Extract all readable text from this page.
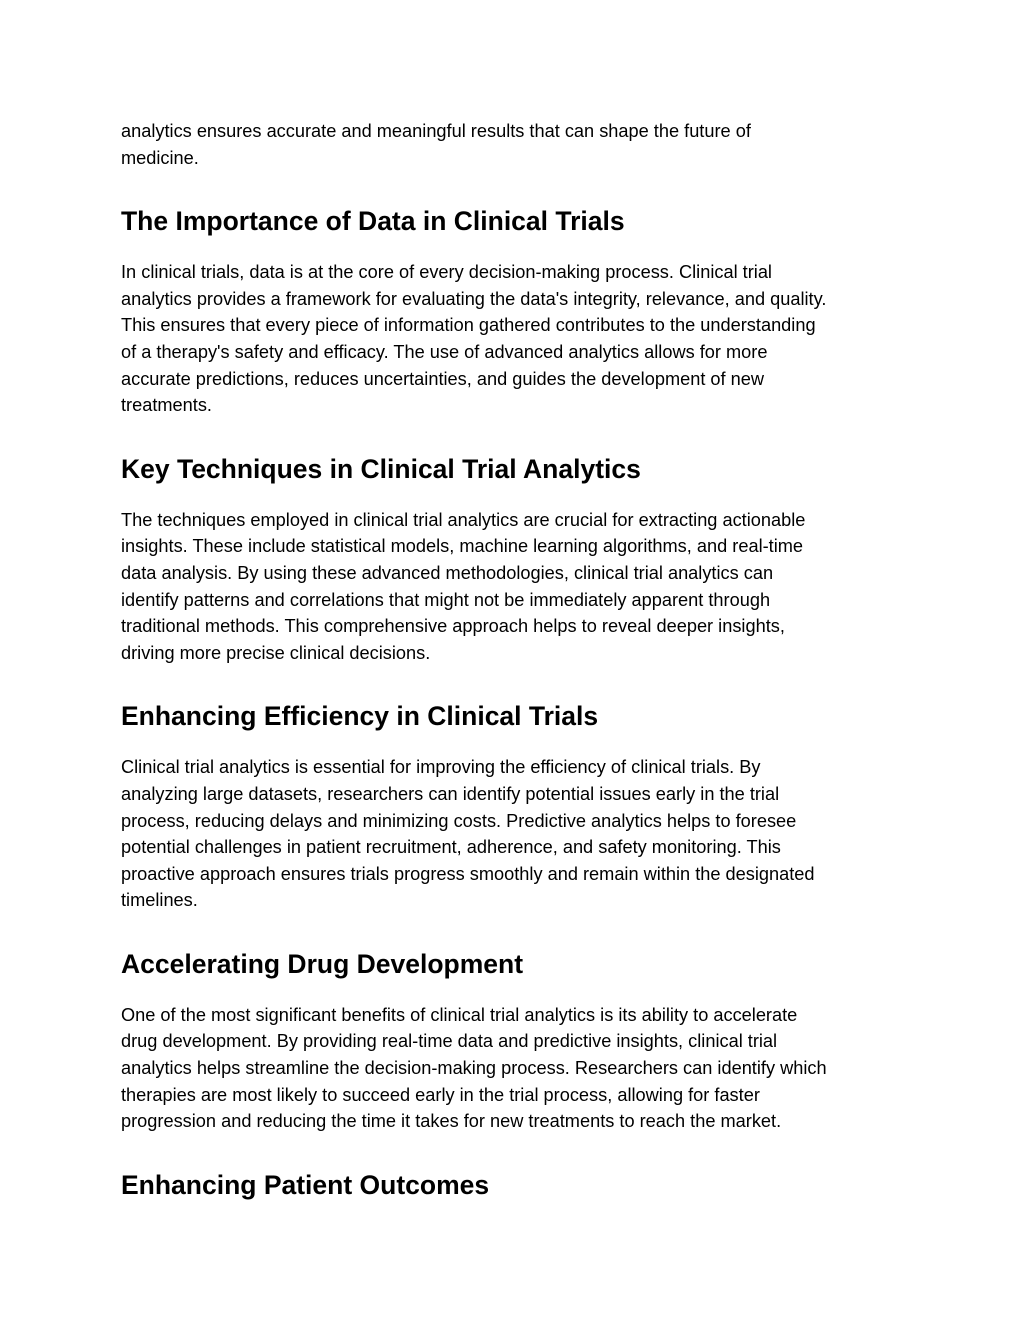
analytics ensures accurate and meaningful results that can shape the future of
medicine.

The Importance of Data in Clinical Trials

In clinical trials, data is at the core of every decision-making process. Clinical trial
analytics provides a framework for evaluating the data's integrity, relevance, and quality.
This ensures that every piece of information gathered contributes to the understanding
of a therapy's safety and efficacy. The use of advanced analytics allows for more
accurate predictions, reduces uncertainties, and guides the development of new
treatments.

Key Techniques in Clinical Trial Analytics

The techniques employed in clinical trial analytics are crucial for extracting actionable
insights. These include statistical models, machine learning algorithms, and real-time
data analysis. By using these advanced methodologies, clinical trial analytics can
identify patterns and correlations that might not be immediately apparent through
traditional methods. This comprehensive approach helps to reveal deeper insights,
driving more precise clinical decisions.

Enhancing Efficiency in Clinical Trials

Clinical trial analytics is essential for improving the efficiency of clinical trials. By
analyzing large datasets, researchers can identify potential issues early in the trial
process, reducing delays and minimizing costs. Predictive analytics helps to foresee
potential challenges in patient recruitment, adherence, and safety monitoring. This
proactive approach ensures trials progress smoothly and remain within the designated
timelines.

Accelerating Drug Development

One of the most significant benefits of clinical trial analytics is its ability to accelerate
drug development. By providing real-time data and predictive insights, clinical trial
analytics helps streamline the decision-making process. Researchers can identify which
therapies are most likely to succeed early in the trial process, allowing for faster
progression and reducing the time it takes for new treatments to reach the market.

Enhancing Patient Outcomes
